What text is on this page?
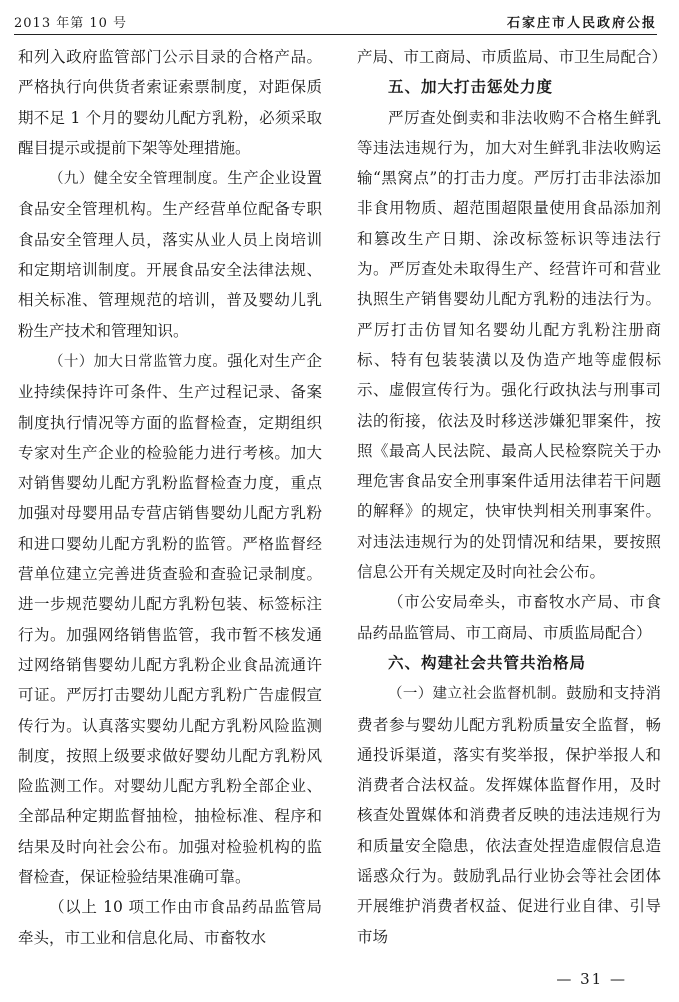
2013 年第 10 号	石家庄市人民政府公报

和列入政府监管部门公示目录的合格产品。严格执行向供货者索证索票制度，对距保质期不足 1 个月的婴幼儿配方乳粉，必须采取醒目提示或提前下架等处理措施。

（九）健全安全管理制度。生产企业设置食品安全管理机构。生产经营单位配备专职食品安全管理人员，落实从业人员上岗培训和定期培训制度。开展食品安全法律法规、相关标准、管理规范的培训，普及婴幼儿乳粉生产技术和管理知识。

（十）加大日常监管力度。强化对生产企业持续保持许可条件、生产过程记录、备案制度执行情况等方面的监督检查，定期组织专家对生产企业的检验能力进行考核。加大对销售婴幼儿配方乳粉监督检查力度，重点加强对母婴用品专营店销售婴幼儿配方乳粉和进口婴幼儿配方乳粉的监管。严格监督经营单位建立完善进货查验和查验记录制度。进一步规范婴幼儿配方乳粉包装、标签标注行为。加强网络销售监管，我市暂不核发通过网络销售婴幼儿配方乳粉企业食品流通许可证。严厉打击婴幼儿配方乳粉广告虚假宣传行为。认真落实婴幼儿配方乳粉风险监测制度，按照上级要求做好婴幼儿配方乳粉风险监测工作。对婴幼儿配方乳粉全部企业、全部品种定期监督抽检，抽检标准、程序和结果及时向社会公布。加强对检验机构的监督检查，保证检验结果准确可靠。

（以上 10 项工作由市食品药品监管局牵头，市工业和信息化局、市畜牧水

产局、市工商局、市质监局、市卫生局配合）

五、加大打击惩处力度

严厉查处倒卖和非法收购不合格生鲜乳等违法违规行为，加大对生鲜乳非法收购运输“黑窝点”的打击力度。严厉打击非法添加非食用物质、超范围超限量使用食品添加剂和篡改生产日期、涂改标签标识等违法行为。严厉查处未取得生产、经营许可和营业执照生产销售婴幼儿配方乳粉的违法行为。严厉打击仿冒知名婴幼儿配方乳粉注册商标、特有包装装潢以及伪造产地等虚假标示、虚假宣传行为。强化行政执法与刑事司法的衔接，依法及时移送涉嫌犯罪案件，按照《最高人民法院、最高人民检察院关于办理危害食品安全刑事案件适用法律若干问题的解释》的规定，快审快判相关刑事案件。对违法违规行为的处罚情况和结果，要按照信息公开有关规定及时向社会公布。

（市公安局牵头，市畜牧水产局、市食品药品监管局、市工商局、市质监局配合）

六、构建社会共管共治格局

（一）建立社会监督机制。鼓励和支持消费者参与婴幼儿配方乳粉质量安全监督，畅通投诉渠道，落实有奖举报，保护举报人和消费者合法权益。发挥媒体监督作用，及时核查处置媒体和消费者反映的违法违规行为和质量安全隐患，依法查处捏造虚假信息造谣惑众行为。鼓励乳品行业协会等社会团体开展维护消费者权益、促进行业自律、引导市场

— 31 —
